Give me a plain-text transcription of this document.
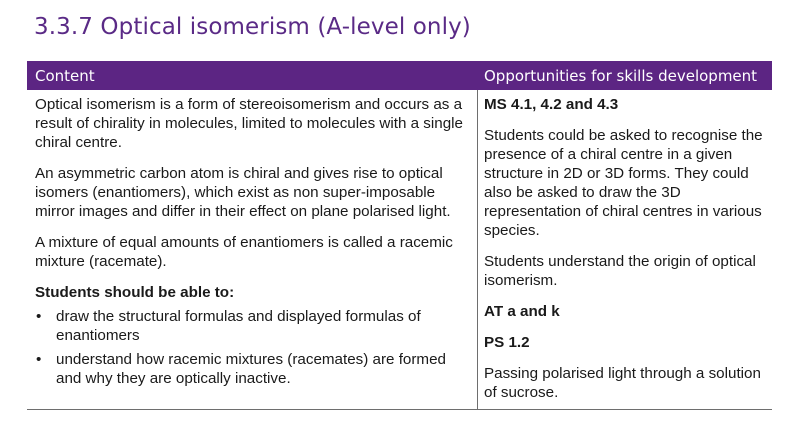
3.3.7 Optical isomerism (A-level only)
Content	Opportunities for skills development

Optical isomerism is a form of stereoisomerism and occurs as a result of chirality in molecules, limited to molecules with a single chiral centre.

An asymmetric carbon atom is chiral and gives rise to optical isomers (enantiomers), which exist as non super-imposable mirror images and differ in their effect on plane polarised light.

A mixture of equal amounts of enantiomers is called a racemic mixture (racemate).

Students should be able to:

• draw the structural formulas and displayed formulas of enantiomers
• understand how racemic mixtures (racemates) are formed and why they are optically inactive.

MS 4.1, 4.2 and 4.3

Students could be asked to recognise the presence of a chiral centre in a given structure in 2D or 3D forms. They could also be asked to draw the 3D representation of chiral centres in various species.

Students understand the origin of optical isomerism.

AT a and k

PS 1.2

Passing polarised light through a solution of sucrose.
